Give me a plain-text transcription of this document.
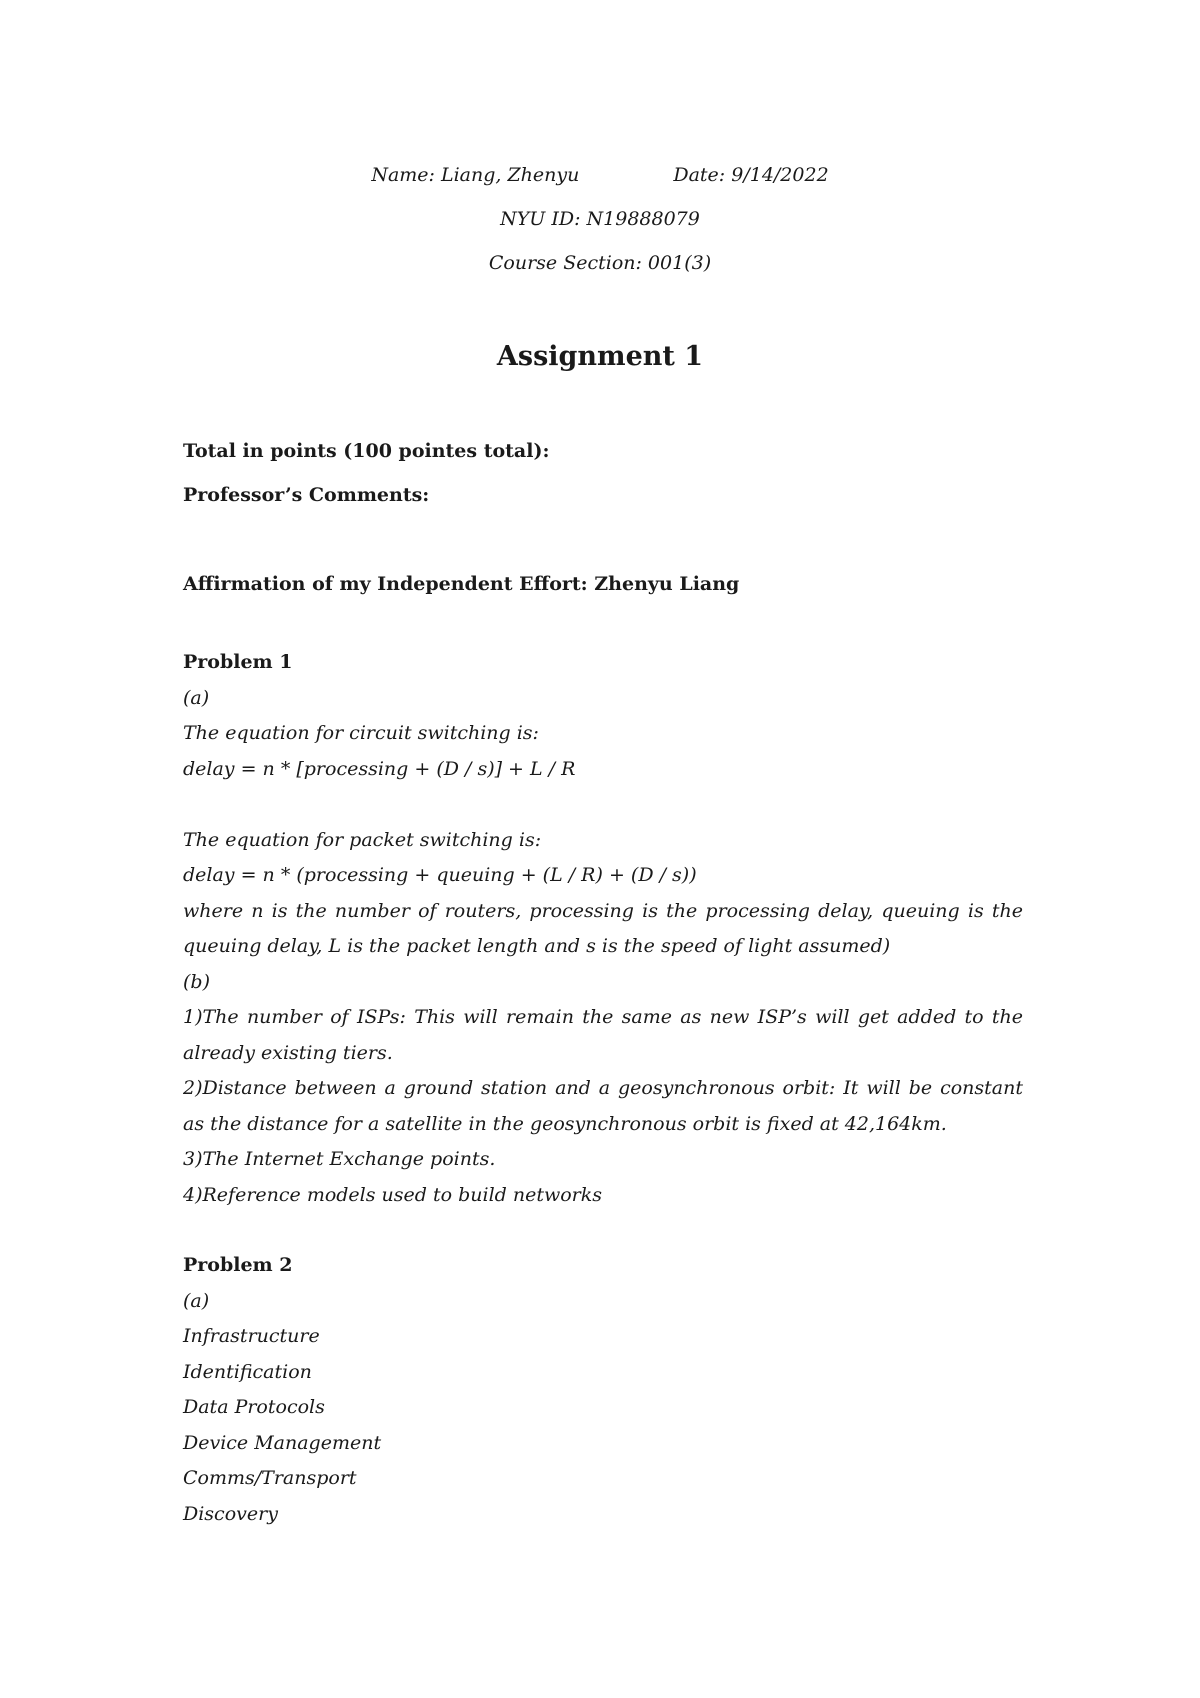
Name: Liang, Zhenyu	Date: 9/14/2022
NYU ID: N19888079
Course Section: 001(3)
Assignment 1
Total in points (100 pointes total):
Professor’s Comments:
Affirmation of my Independent Effort: Zhenyu Liang
Problem 1
(a)
The equation for circuit switching is:
delay = n * [processing + (D / s)] + L / R
The equation for packet switching is:
delay = n * (processing + queuing + (L / R) + (D / s))
where n is the number of routers, processing is the processing delay, queuing is the queuing delay, L is the packet length and s is the speed of light assumed)
(b)
1)The number of ISPs: This will remain the same as new ISP’s will get added to the already existing tiers.
2)Distance between a ground station and a geosynchronous orbit: It will be constant as the distance for a satellite in the geosynchronous orbit is fixed at 42,164km.
3)The Internet Exchange points.
4)Reference models used to build networks
Problem 2
(a)
Infrastructure
Identification
Data Protocols
Device Management
Comms/Transport
Discovery
